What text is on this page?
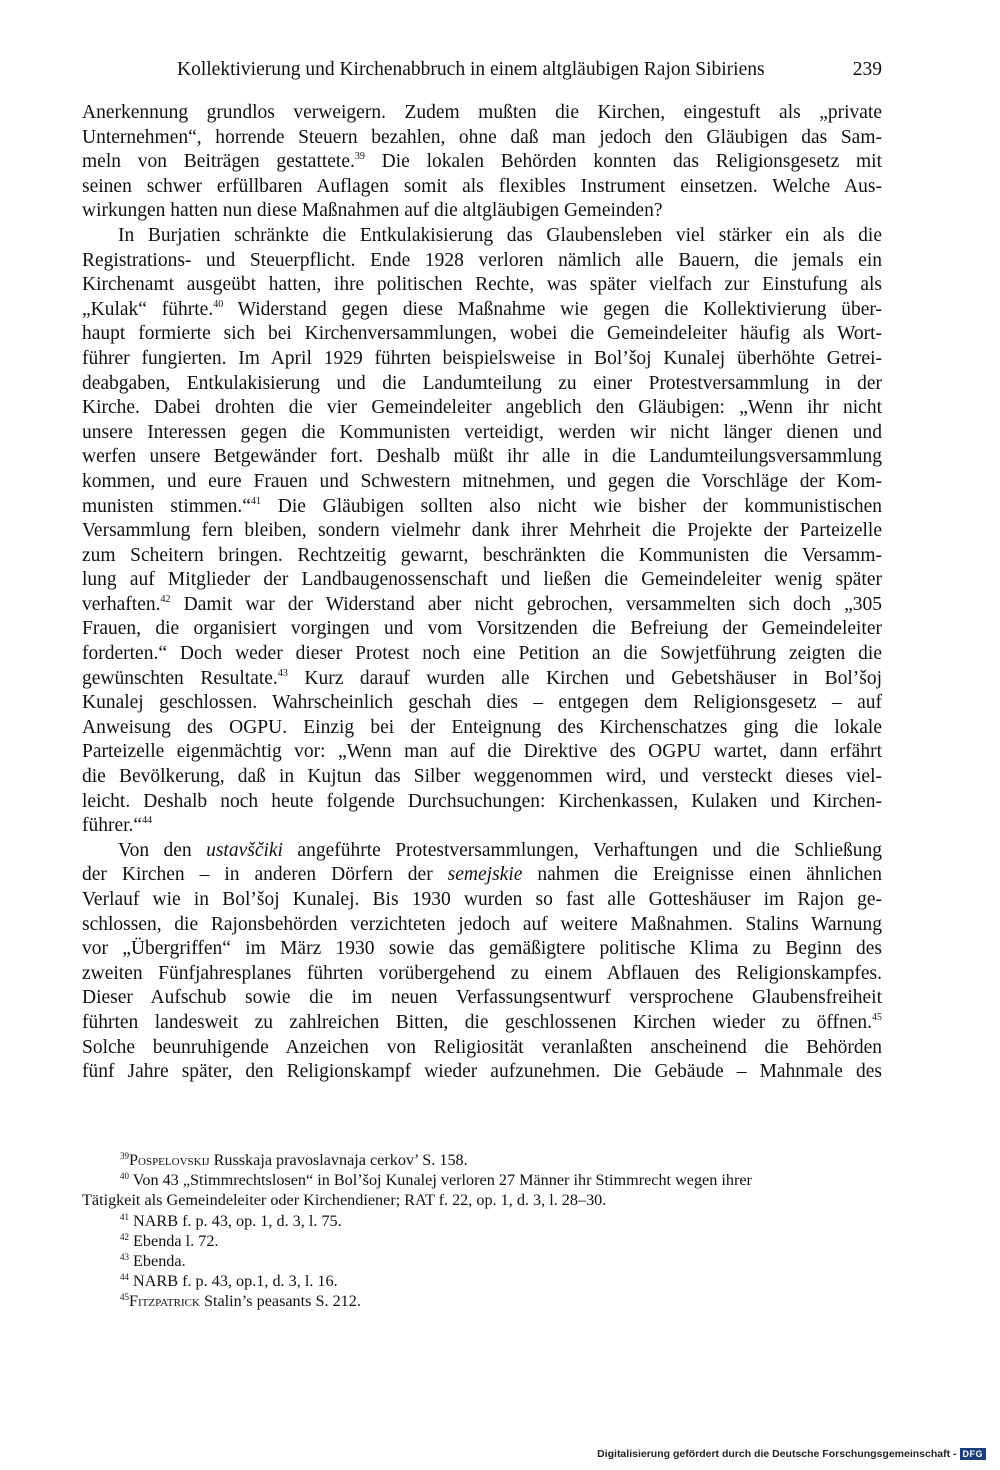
Kollektivierung und Kirchenabbruch in einem altgläubigen Rajon Sibiriens	239
Anerkennung grundlos verweigern. Zudem mußten die Kirchen, eingestuft als „private
Unternehmen“, horrende Steuern bezahlen, ohne daß man jedoch den Gläubigen das Sam-
meln von Beiträgen gestattete.$^{39}$ Die lokalen Behörden konnten das Religionsgesetz mit
seinen schwer erfüllbaren Auflagen somit als flexibles Instrument einsetzen. Welche Aus-
wirkungen hatten nun diese Maßnahmen auf die altgläubigen Gemeinden?
In Burjatien schränkte die Entkulakisierung das Glaubensleben viel stärker ein als die
Registrations- und Steuerpflicht. Ende 1928 verloren nämlich alle Bauern, die jemals ein
Kirchenamt ausgeübt hatten, ihre politischen Rechte, was später vielfach zur Einstufung als
„Kulak“ führte.$^{40}$ Widerstand gegen diese Maßnahme wie gegen die Kollektivierung über-
haupt formierte sich bei Kirchenversammlungen, wobei die Gemeindeleiter häufig als Wort-
führer fungierten. Im April 1929 führten beispielsweise in Bol’šoj Kunalej überhöhte Getrei-
deabgaben, Entkulakisierung und die Landumteilung zu einer Protestversammlung in der
Kirche. Dabei drohten die vier Gemeindeleiter angeblich den Gläubigen: „Wenn ihr nicht
unsere Interessen gegen die Kommunisten verteidigt, werden wir nicht länger dienen und
werfen unsere Betgewänder fort. Deshalb müßt ihr alle in die Landumteilungsversammlung
kommen, und eure Frauen und Schwestern mitnehmen, und gegen die Vorschläge der Kom-
munisten stimmen.“$^{41}$ Die Gläubigen sollten also nicht wie bisher der kommunistischen
Versammlung fern bleiben, sondern vielmehr dank ihrer Mehrheit die Projekte der Parteizelle
zum Scheitern bringen. Rechtzeitig gewarnt, beschränkten die Kommunisten die Versamm-
lung auf Mitglieder der Landbaugenossenschaft und ließen die Gemeindeleiter wenig später
verhaften.$^{42}$ Damit war der Widerstand aber nicht gebrochen, versammelten sich doch „305
Frauen, die organisiert vorgingen und vom Vorsitzenden die Befreiung der Gemeindeleiter
forderten.“ Doch weder dieser Protest noch eine Petition an die Sowjetführung zeigten die
gewünschten Resultate.$^{43}$ Kurz darauf wurden alle Kirchen und Gebetshäuser in Bol’šoj
Kunalej geschlossen. Wahrscheinlich geschah dies – entgegen dem Religionsgesetz – auf
Anweisung des OGPU. Einzig bei der Enteignung des Kirchenschatzes ging die lokale
Parteizelle eigenmächtig vor: „Wenn man auf die Direktive des OGPU wartet, dann erfährt
die Bevölkerung, daß in Kujtun das Silber weggenommen wird, und versteckt dieses viel-
leicht. Deshalb noch heute folgende Durchsuchungen: Kirchenkassen, Kulaken und Kirchen-
führer.“$^{44}$
Von den ustavščiki angeführte Protestversammlungen, Verhaftungen und die Schließung
der Kirchen – in anderen Dörfern der semejskie nahmen die Ereignisse einen ähnlichen
Verlauf wie in Bol’šoj Kunalej. Bis 1930 wurden so fast alle Gotteshäuser im Rajon ge-
schlossen, die Rajonsbehörden verzichteten jedoch auf weitere Maßnahmen. Stalins Warnung
vor „Übergriffen“ im März 1930 sowie das gemäßigtere politische Klima zu Beginn des
zweiten Fünfjahresplanes führten vorübergehend zu einem Abflauen des Religionskampfes.
Dieser Aufschub sowie die im neuen Verfassungsentwurf versprochene Glaubensfreiheit
führten landesweit zu zahlreichen Bitten, die geschlossenen Kirchen wieder zu öffnen.$^{45}$
Solche beunruhigende Anzeichen von Religiosität veranlaßten anscheinend die Behörden
fünf Jahre später, den Religionskampf wieder aufzunehmen. Die Gebäude – Mahnmale des
$^{39}$Pospelovskij Russkaja pravoslavnaja cerkov’ S. 158.
$^{40}$ Von 43 „Stimmrechtslosen“ in Bol’šoj Kunalej verloren 27 Männer ihr Stimmrecht wegen ihrer
Tätigkeit als Gemeindeleiter oder Kirchendiener; RAT f. 22, op. 1, d. 3, l. 28–30.
$^{41}$ NARB f. p. 43, op. 1, d. 3, l. 75.
$^{42}$ Ebenda l. 72.
$^{43}$ Ebenda.
$^{44}$ NARB f. p. 43, op.1, d. 3, l. 16.
$^{45}$Fitzpatrick Stalin’s peasants S. 212.
Digitalisierung gefördert durch die Deutsche Forschungsgemeinschaft - DFG
